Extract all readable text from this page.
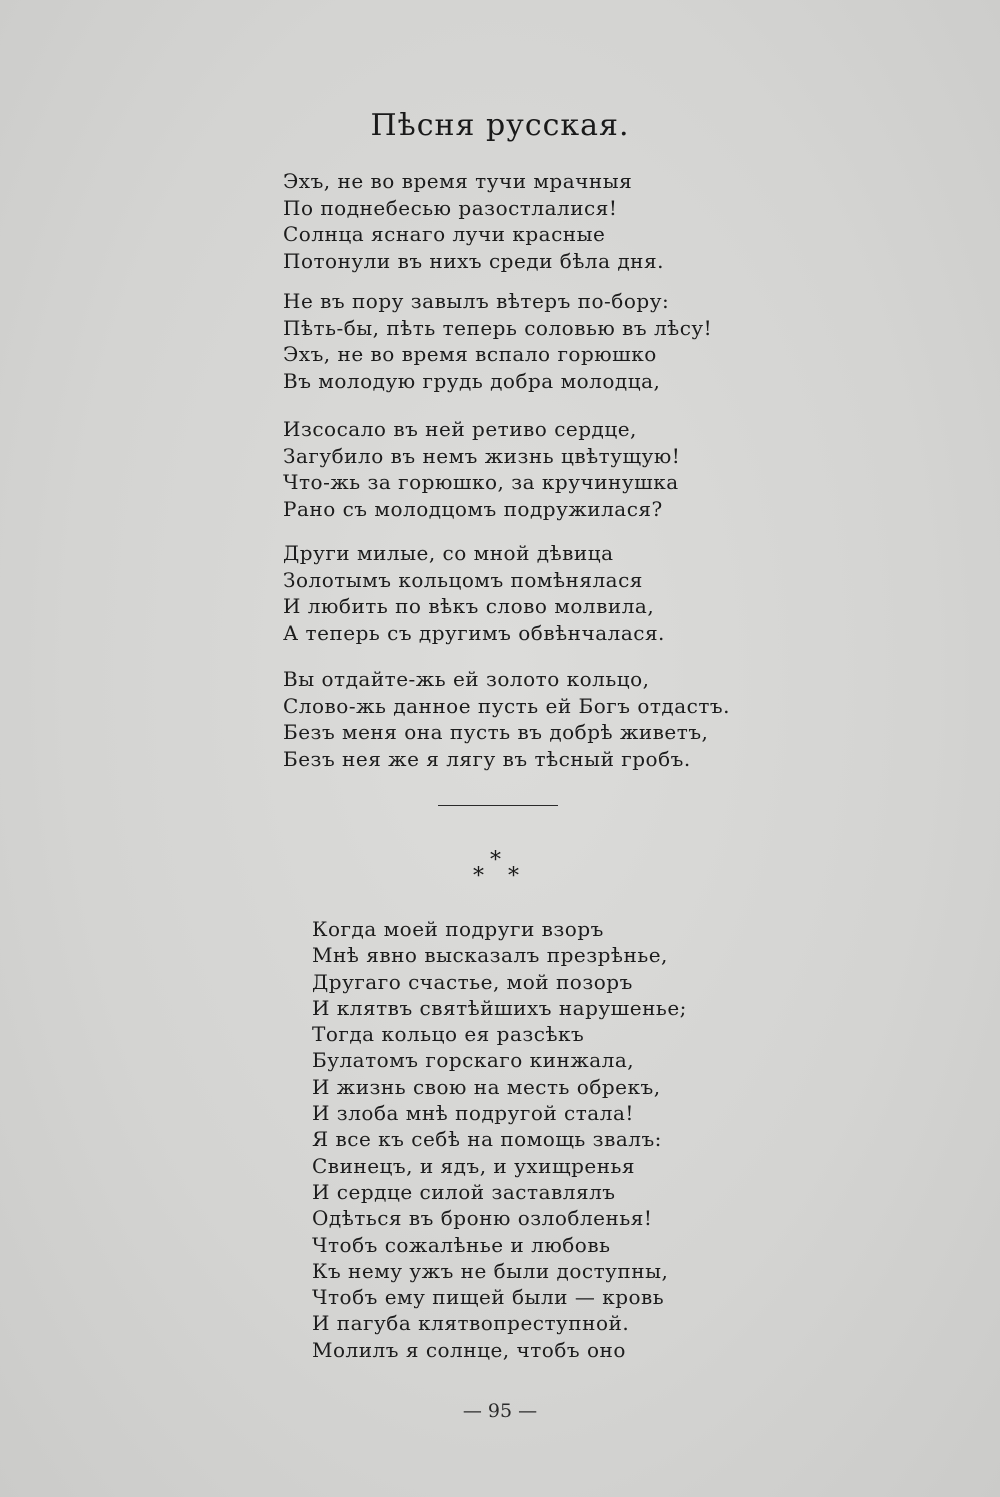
Пѣсня русская.
Эхъ, не во время тучи мрачныя
По поднебесью разостлалися!
Солнца яснаго лучи красные
Потонули въ нихъ среди бѣла дня.
Не въ пору завылъ вѣтеръ по-бору:
Пѣть-бы, пѣть теперь соловью въ лѣсу!
Эхъ, не во время вспало горюшко
Въ молодую грудь добра молодца,
Изсосало въ ней ретиво сердце,
Загубило въ немъ жизнь цвѣтущую!
Что-жь за горюшко, за кручинушка
Рано съ молодцомъ подружилася?
Други милые, со мной дѣвица
Золотымъ кольцомъ помѣнялася
И любить по вѣкъ слово молвила,
А теперь съ другимъ обвѣнчалася.
Вы отдайте-жь ей золото кольцо,
Слово-жь данное пусть ей Богъ отдастъ.
Безъ меня она пусть въ добрѣ живетъ,
Безъ нея же я лягу въ тѣсный гробъ.
*
* *
Когда моей подруги взоръ
Мнѣ явно высказалъ презрѣнье,
Другаго счастье, мой позоръ
И клятвъ святѣйшихъ нарушенье;
Тогда кольцо ея разсѣкъ
Булатомъ горскаго кинжала,
И жизнь свою на месть обрекъ,
И злоба мнѣ подругой стала!
Я все къ себѣ на помощь звалъ:
Свинецъ, и ядъ, и ухищренья
И сердце силой заставлялъ
Одѣться въ броню озлобленья!
Чтобъ сожалѣнье и любовь
Къ нему ужъ не были доступны,
Чтобъ ему пищей были — кровь
И пагуба клятвопреступной.
Молилъ я солнце, чтобъ оно
— 95 —
